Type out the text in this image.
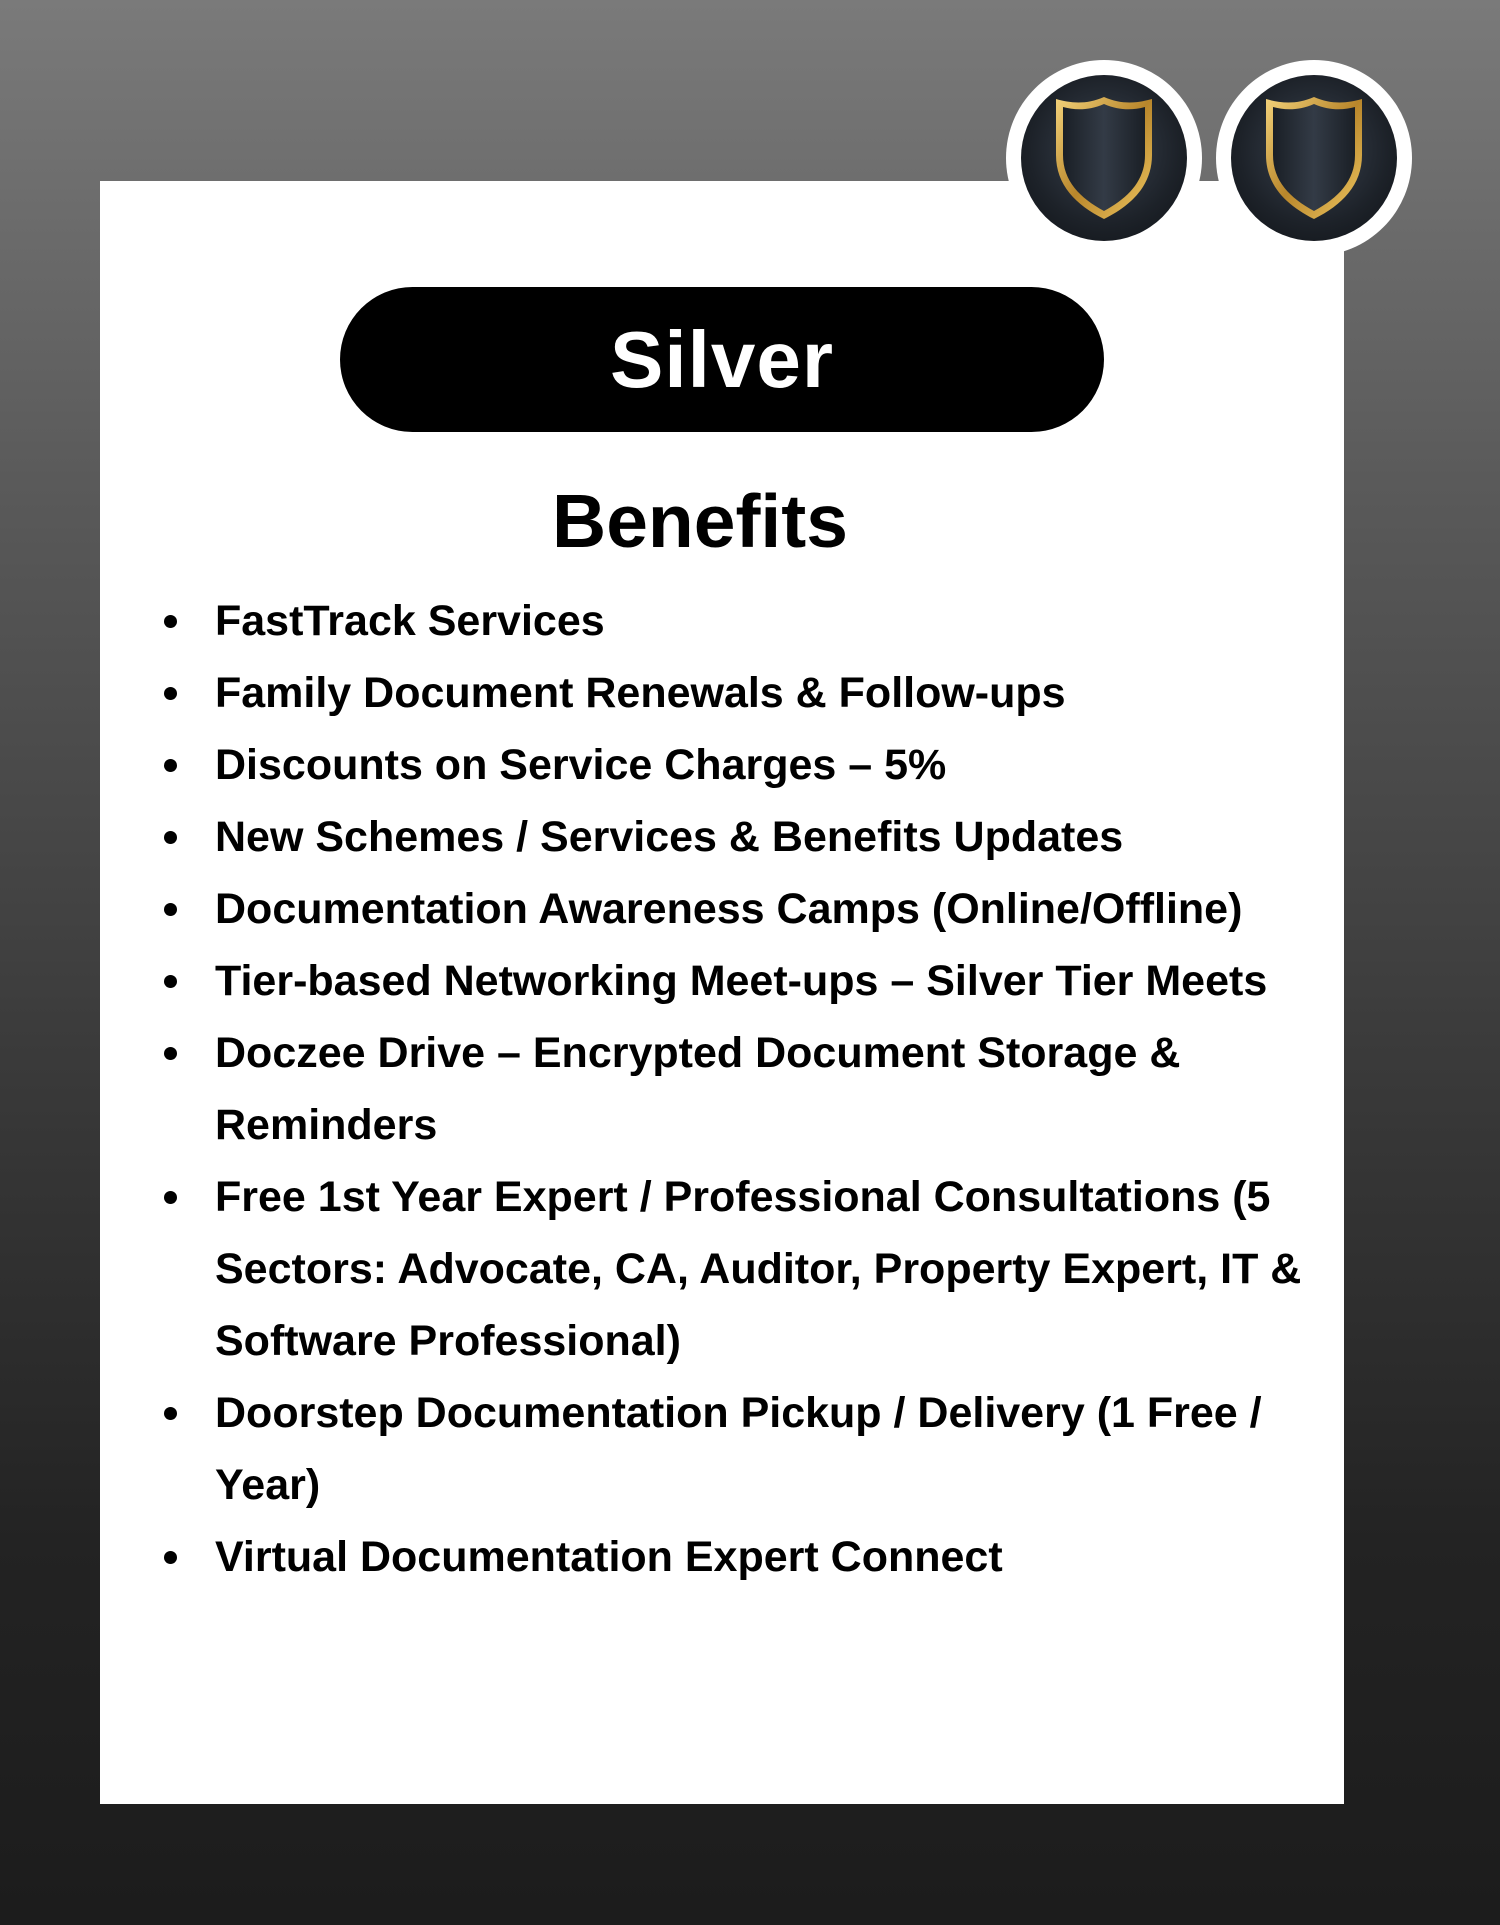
Silver
Benefits
FastTrack Services
Family Document Renewals & Follow-ups
Discounts on Service Charges – 5%
New Schemes / Services & Benefits Updates
Documentation Awareness Camps (Online/Offline)
Tier-based Networking Meet-ups – Silver Tier Meets
Doczee Drive – Encrypted Document Storage & Reminders
Free 1st Year Expert / Professional Consultations (5 Sectors: Advocate, CA, Auditor, Property Expert, IT & Software Professional)
Doorstep Documentation Pickup / Delivery (1 Free / Year)
Virtual Documentation Expert Connect
